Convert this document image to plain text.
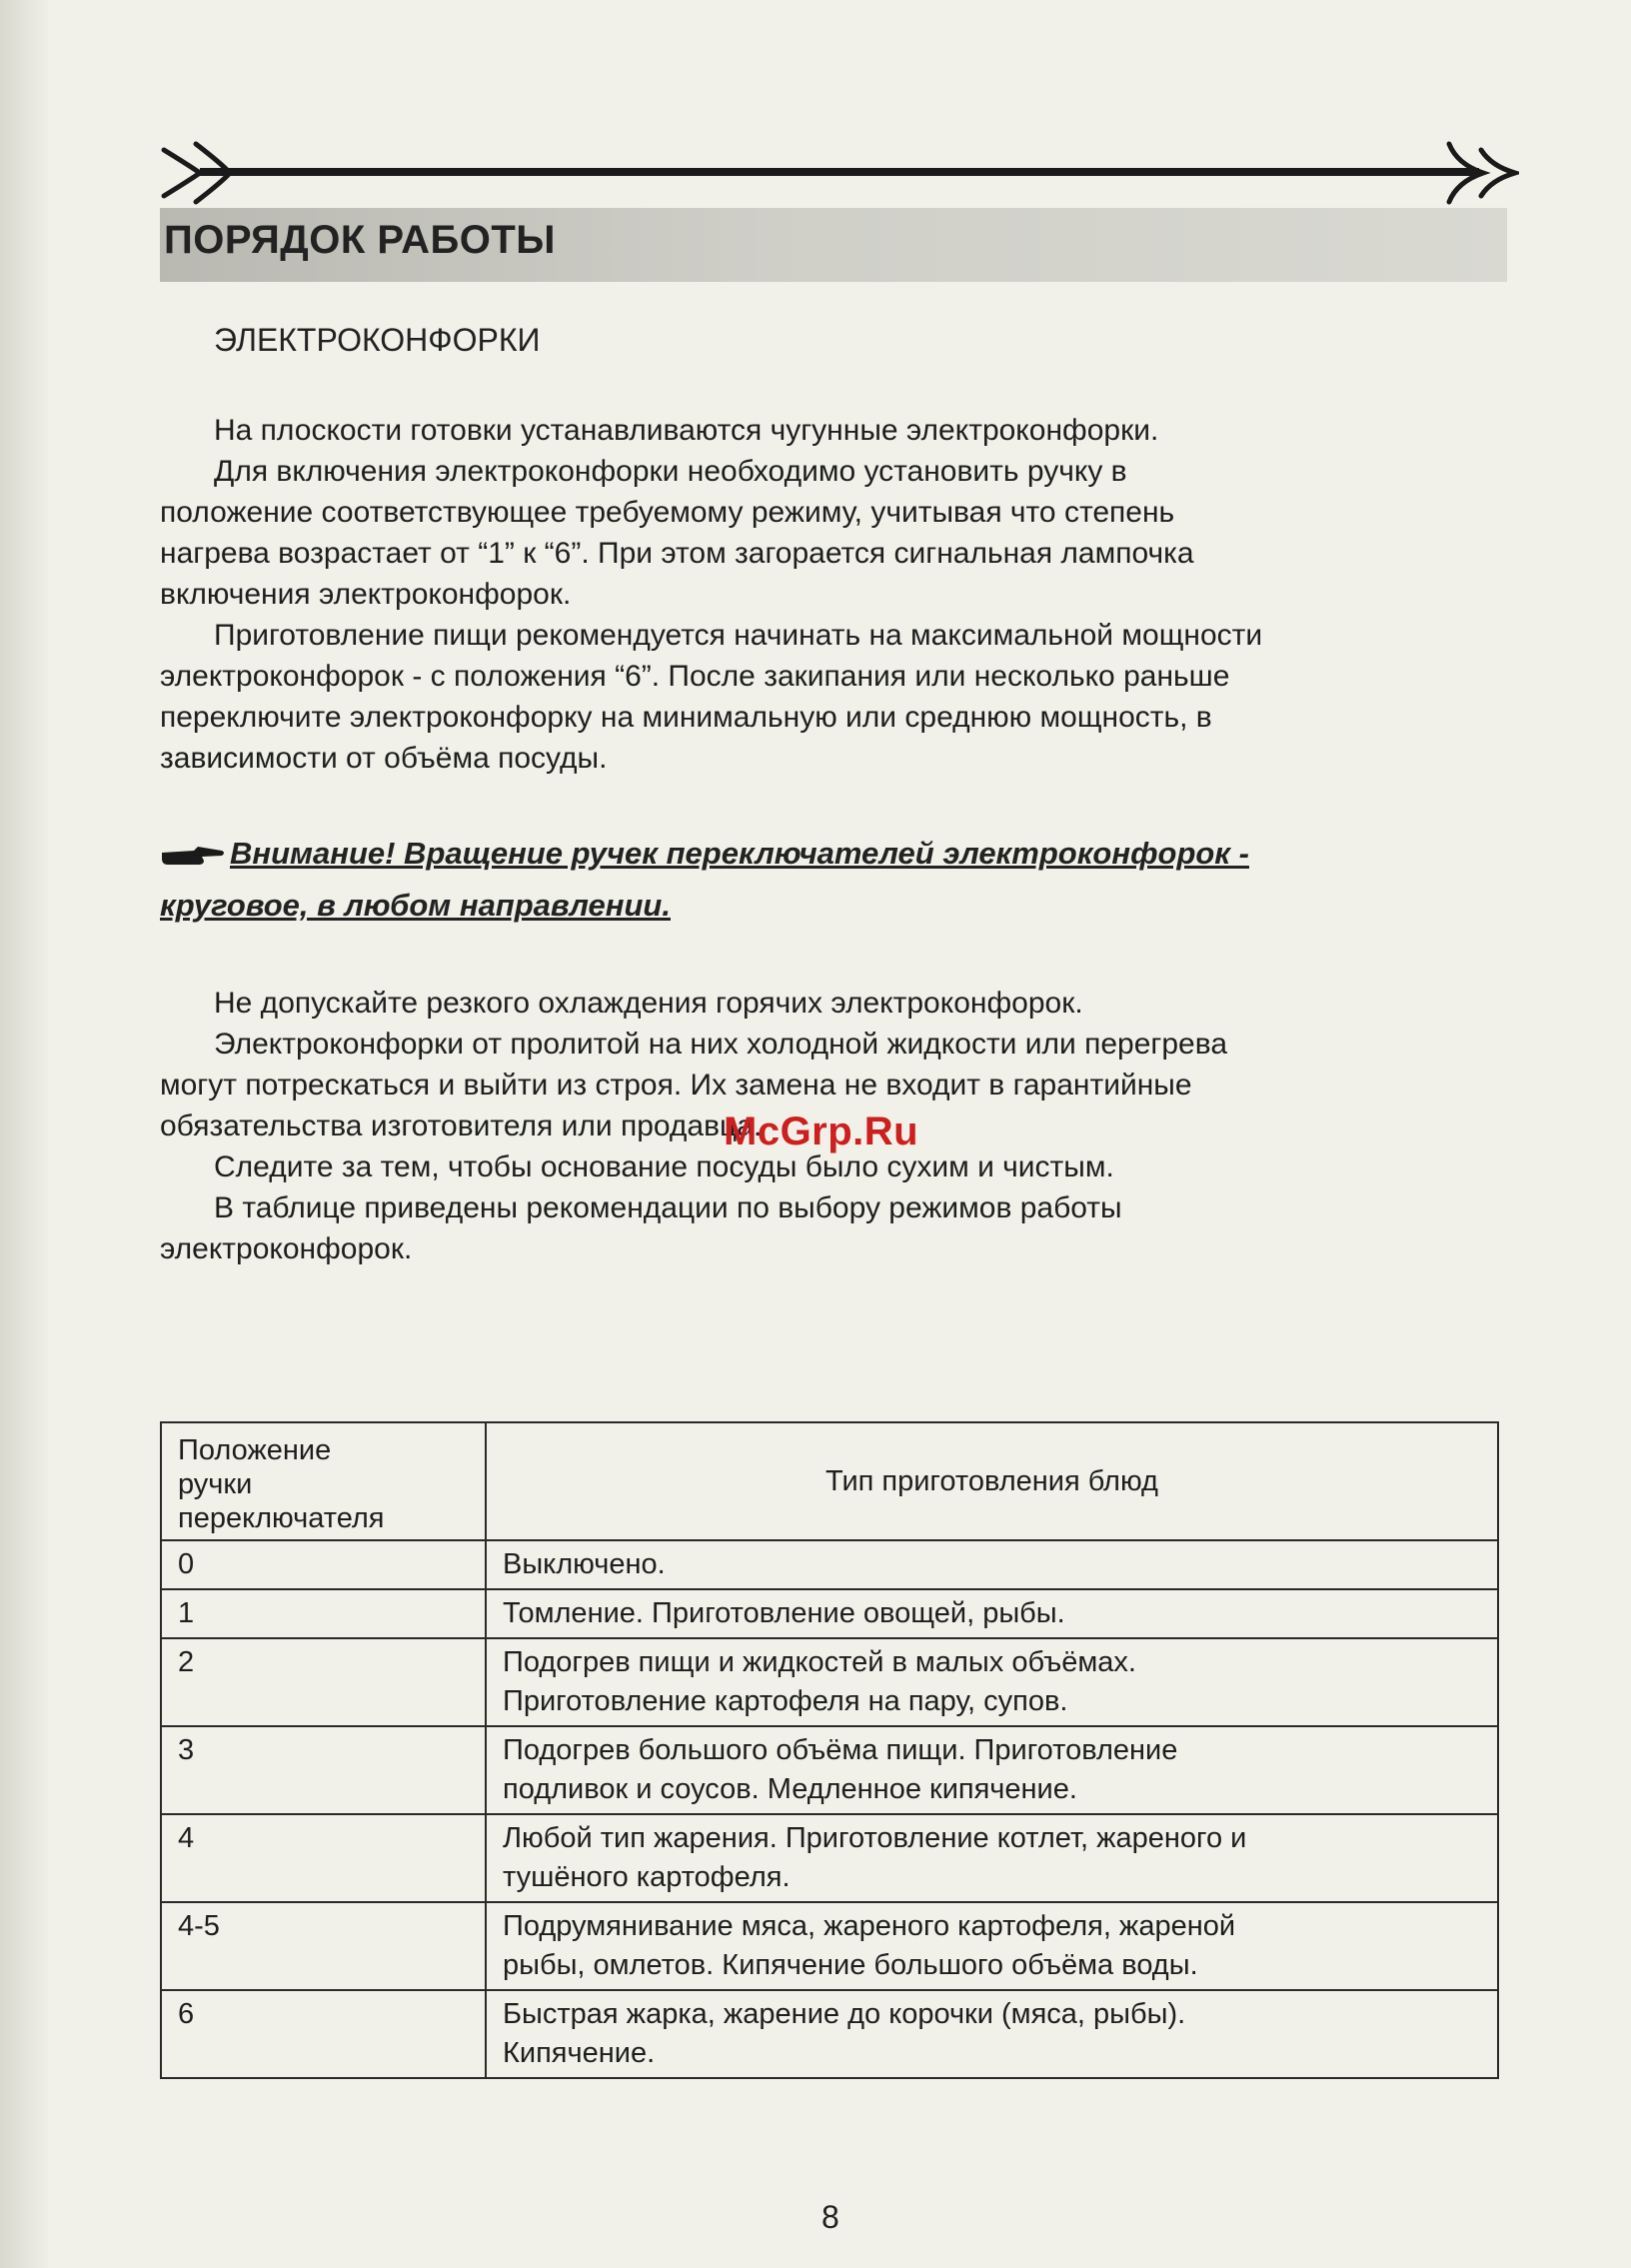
ПОРЯДОК РАБОТЫ
ЭЛЕКТРОКОНФОРКИ
На плоскости готовки устанавливаются чугунные электроконфорки.
Для включения электроконфорки необходимо установить ручку в
положение соответствующее требуемому режиму, учитывая что степень
нагрева возрастает от “1” к “6”. При этом загорается сигнальная лампочка
включения электроконфорок.
Приготовление пищи рекомендуется начинать на максимальной мощности
электроконфорок - с положения “6”. После закипания или несколько раньше
переключите электроконфорку на минимальную или среднюю мощность, в
зависимости от объёма посуды.
Внимание! Вращение ручек переключателей электроконфорок -
круговое, в любом направлении.
Не допускайте резкого охлаждения горячих электроконфорок.
Электроконфорки от пролитой на них холодной жидкости или перегрева
могут потрескаться и выйти из строя. Их замена не входит в гарантийные
обязательства изготовителя или продавца.
Следите за тем, чтобы основание посуды было сухим и чистым.
В таблице приведены рекомендации по выбору режимов работы
электроконфорок.
McGrp.Ru
Положение
ручки
переключателя	Тип приготовления блюд
0	Выключено.

1	Томление. Приготовление овощей, рыбы.

2	Подогрев пищи и жидкостей в малых объёмах.
Приготовление картофеля на пару, супов.

3	Подогрев большого объёма пищи. Приготовление
подливок и соусов. Медленное кипячение.

4	Любой тип жарения. Приготовление котлет, жареного и
тушёного картофеля.

4-5	Подрумянивание мяса, жареного картофеля, жареной
рыбы, омлетов. Кипячение большого объёма воды.

6	Быстрая жарка, жарение до корочки (мяса, рыбы).
Кипячение.
8
